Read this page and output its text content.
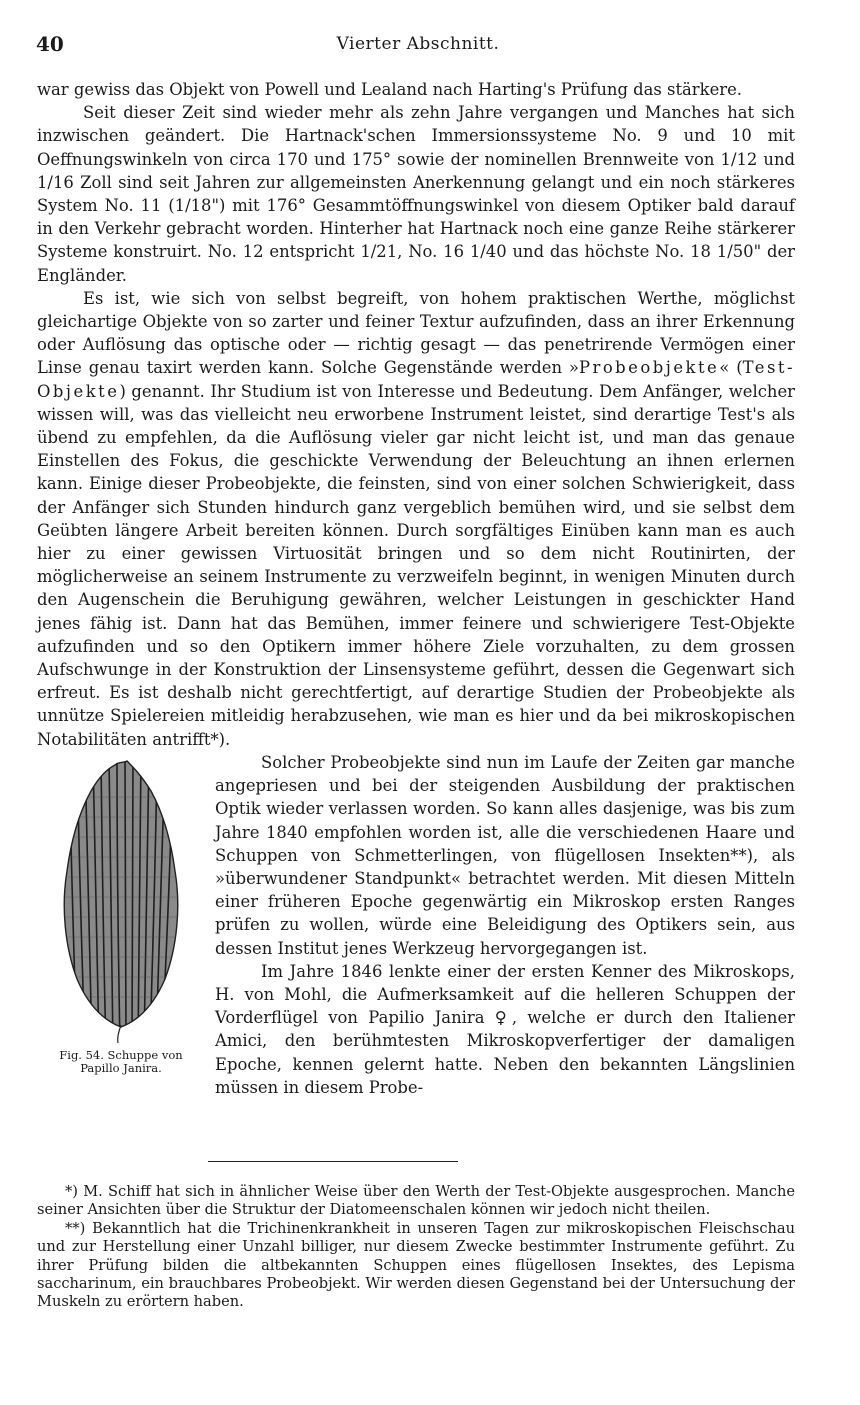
40	Vierter Abschnitt.

war gewiss das Objekt von Powell und Lealand nach Harting's Prüfung das stärkere.

Seit dieser Zeit sind wieder mehr als zehn Jahre vergangen und Manches hat sich inzwischen geändert. Die Hartnack'schen Immersionssysteme No. 9 und 10 mit Oeffnungswinkeln von circa 170 und 175° sowie der nominellen Brennweite von 1/12 und 1/16 Zoll sind seit Jahren zur allgemeinsten Anerkennung gelangt und ein noch stärkeres System No. 11 (1/18") mit 176° Gesammtöffnungswinkel von diesem Optiker bald darauf in den Verkehr gebracht worden. Hinterher hat Hartnack noch eine ganze Reihe stärkerer Systeme konstruirt. No. 12 entspricht 1/21, No. 16 1/40 und das höchste No. 18 1/50" der Engländer.

Es ist, wie sich von selbst begreift, von hohem praktischen Werthe, möglichst gleichartige Objekte von so zarter und feiner Textur aufzufinden, dass an ihrer Erkennung oder Auflösung das optische oder — richtig gesagt — das penetrirende Vermögen einer Linse genau taxirt werden kann. Solche Gegenstände werden »Probeobjekte« (Test-Objekte) genannt. Ihr Studium ist von Interesse und Bedeutung. Dem Anfänger, welcher wissen will, was das vielleicht neu erworbene Instrument leistet, sind derartige Test's als übend zu empfehlen, da die Auflösung vieler gar nicht leicht ist, und man das genaue Einstellen des Fokus, die geschickte Verwendung der Beleuchtung an ihnen erlernen kann. Einige dieser Probeobjekte, die feinsten, sind von einer solchen Schwierigkeit, dass der Anfänger sich Stunden hindurch ganz vergeblich bemühen wird, und sie selbst dem Geübten längere Arbeit bereiten können. Durch sorgfältiges Einüben kann man es auch hier zu einer gewissen Virtuosität bringen und so dem nicht Routinirten, der möglicherweise an seinem Instrumente zu verzweifeln beginnt, in wenigen Minuten durch den Augenschein die Beruhigung gewähren, welcher Leistungen in geschickter Hand jenes fähig ist. Dann hat das Bemühen, immer feinere und schwierigere Test-Objekte aufzufinden und so den Optikern immer höhere Ziele vorzuhalten, zu dem grossen Aufschwunge in der Konstruktion der Linsensysteme geführt, dessen die Gegenwart sich erfreut. Es ist deshalb nicht gerechtfertigt, auf derartige Studien der Probeobjekte als unnütze Spielereien mitleidig herabzusehen, wie man es hier und da bei mikroskopischen Notabilitäten antrifft*).

Fig. 54. Schuppe von
Papillo Janira.

Solcher Probeobjekte sind nun im Laufe der Zeiten gar manche angepriesen und bei der steigenden Ausbildung der praktischen Optik wieder verlassen worden. So kann alles dasjenige, was bis zum Jahre 1840 empfohlen worden ist, alle die verschiedenen Haare und Schuppen von Schmetterlingen, von flügellosen Insekten**), als »überwundener Standpunkt« betrachtet werden. Mit diesen Mitteln einer früheren Epoche gegenwärtig ein Mikroskop ersten Ranges prüfen zu wollen, würde eine Beleidigung des Optikers sein, aus dessen Institut jenes Werkzeug hervorgegangen ist.

Im Jahre 1846 lenkte einer der ersten Kenner des Mikroskops, H. von Mohl, die Aufmerksamkeit auf die helleren Schuppen der Vorderflügel von Papilio Janira ♀, welche er durch den Italiener Amici, den berühmtesten Mikroskopverfertiger der damaligen Epoche, kennen gelernt hatte. Neben den bekannten Längslinien müssen in diesem Probe-

*) M. Schiff hat sich in ähnlicher Weise über den Werth der Test-Objekte ausgesprochen. Manche seiner Ansichten über die Struktur der Diatomeenschalen können wir jedoch nicht theilen.

**) Bekanntlich hat die Trichinenkrankheit in unseren Tagen zur mikroskopischen Fleischschau und zur Herstellung einer Unzahl billiger, nur diesem Zwecke bestimmter Instrumente geführt. Zu ihrer Prüfung bilden die altbekannten Schuppen eines flügellosen Insektes, des Lepisma saccharinum, ein brauchbares Probeobjekt. Wir werden diesen Gegenstand bei der Untersuchung der Muskeln zu erörtern haben.
